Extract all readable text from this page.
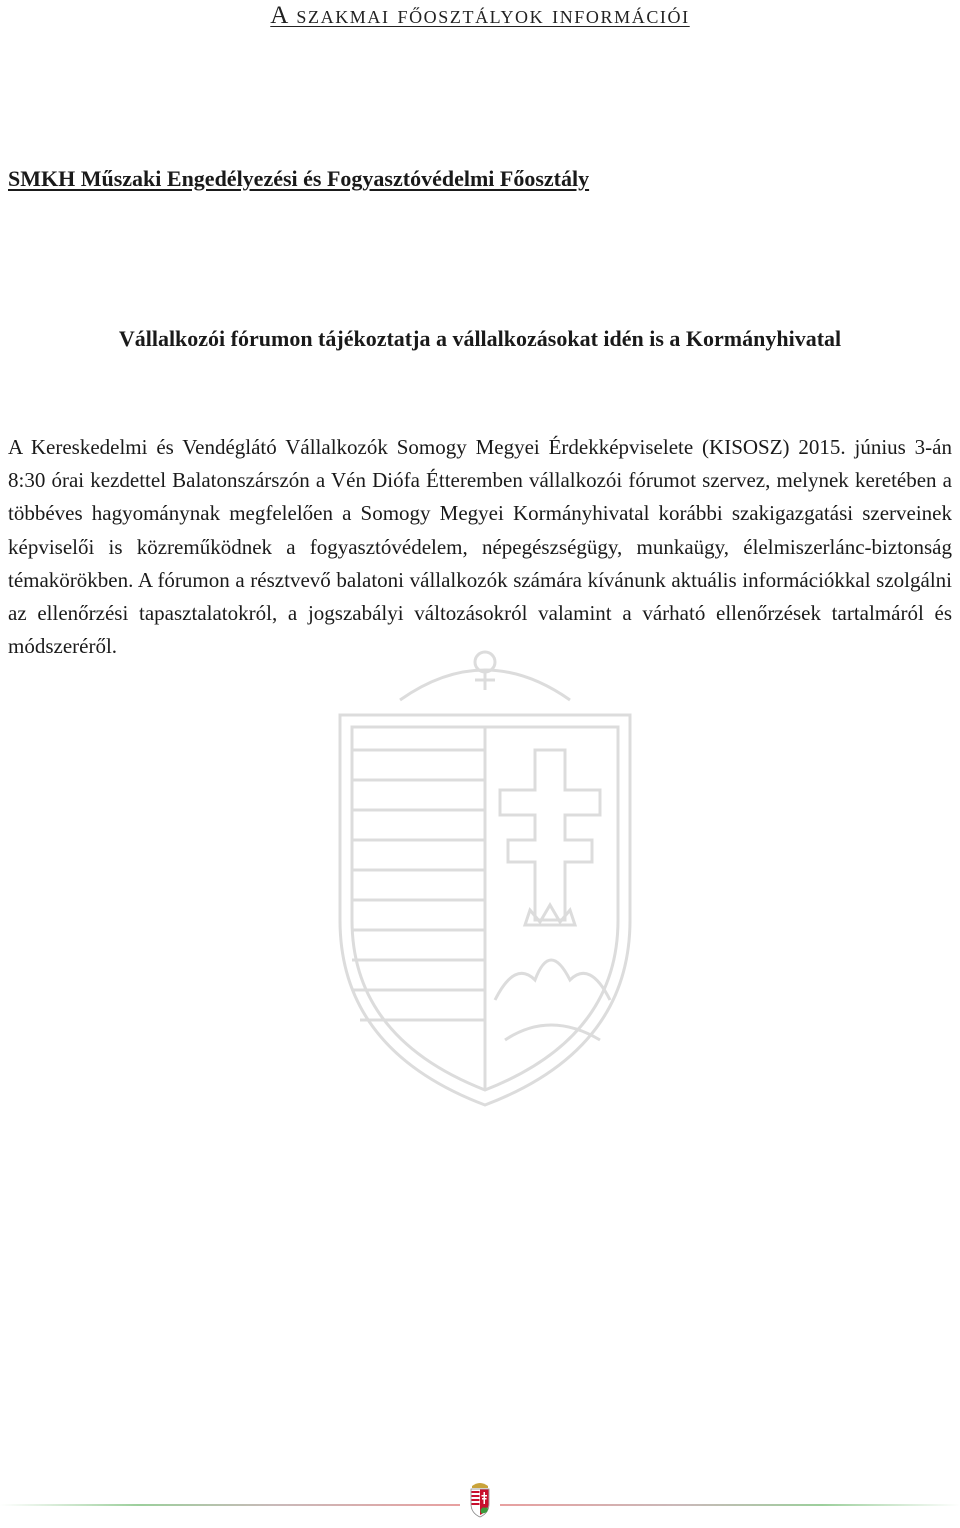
A szakmai főosztályok információi
SMKH Műszaki Engedélyezési és Fogyasztóvédelmi Főosztály
Vállalkozói fórumon tájékoztatja a vállalkozásokat idén is a Kormányhivatal

A Kereskedelmi és Vendéglátó Vállalkozók Somogy Megyei Érdekképviselete (KISOSZ) 2015. június 3-án 8:30 órai kezdettel Balatonszárszón a Vén Diófa Étteremben vállalkozói fórumot szervez, melynek keretében a többéves hagyománynak megfelelően a Somogy Megyei Kormányhivatal korábbi szakigazgatási szerveinek képviselői is közreműködnek a fogyasztóvédelem, népegészségügy, munkaügy, élelmiszerlánc-biztonság témakörökben. A fórumon a résztvevő balatoni vállalkozók számára kívánunk aktuális információkkal szolgálni az ellenőrzési tapasztalatokról, a jogszabályi változásokról valamint a várható ellenőrzések tartalmáról és módszeréről.
